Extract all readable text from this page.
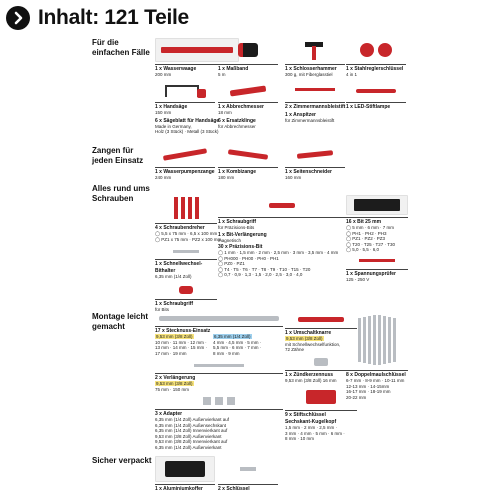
Inhalt: 121 Teile
Für die
einfachen Fälle
Zangen für
jeden Einsatz
Alles rund ums
Schrauben
Montage leicht
gemacht
Sicher verpackt
1 x Wasserwaage
200 mm
1 x Maßband
5 m
1 x Schlosserhammer
300 g, mit Fiberglasstiel
1 x Stahlreglerschlüssel
4 in 1
1 x Handsäge
150 mm
6 x Sägeblatt für Handsäge
Made in Germany,
Holz (3 Stück) · Metall (3 Stück)
1 x Abbrechmesser
18 mm
6 x Ersatzklinge
für Abbrechmesser
2 x Zimmermannsbleistift
1 x Anspitzer
für Zimmermannsbleistift
1 x LED-Stiftlampe
1 x Wasserpumpenzange
240 mm
1 x Kombizange
180 mm
1 x Seitenschneider
160 mm
4 x Schraubendreher
◯ 5,5 x 75 mm · 6,5 x 100 mm
◯ PZ1 x 75 mm · PZ2 x 100 mm
1 x Schnellwechsel-
Bithalter
6,35 mm (1/4 Zoll)
1 x Schraubgriff
für Bits
1 x Schraubgriff
für Präzisions-Bits
1 x Bit-Verlängerung
magnetisch
30 x Präzisions-Bit
◯ 1 mm · 1,5 mm · 2 mm · 2,5 mm · 3 mm · 3,5 mm · 4 mm
◯ PH000 · PH00 · PH0 · PH1
◯ PZ0 · PZ1
◯ T4 · T5 · T6 · T7 · T8 · T9 · T10 · T15 · T20
◯ 0,7 · 0,9 · 1,3 · 1,5 · 2,0 · 2,5 · 3,0 · 4,0
16 x Bit 25 mm
◯ 5 mm · 6 mm · 7 mm
◯ PH1 · PH2 · PH3
◯ PZ1 · PZ2 · PZ3
◯ T20 · T25 · T27 · T30
◯ 5,0 · 5,5 · 6,0
1 x Spannungsprüfer
125 - 250 V
17 x Stecknuss-Einsatz
9,53 mm (3/8 Zoll)
10 mm · 11 mm · 12 mm ·
13 mm · 14 mm · 15 mm ·
17 mm · 19 mm
6,35 mm (1/4 Zoll)
4 mm · 4,5 mm · 5 mm ·
5,5 mm · 6 mm · 7 mm ·
8 mm · 9 mm
2 x Verlängerung
9,53 mm (3/8 Zoll)
75 mm · 150 mm
3 x Adapter
6,35 mm (1/4 Zoll) Außenvierkant auf
6,35 mm (1/4 Zoll) Außensechskant
6,35 mm (1/4 Zoll) Innenvierkant auf
9,53 mm (3/8 Zoll) Außenvierkant
9,53 mm (3/8 Zoll) Innenvierkant auf
6,35 mm (1/4 Zoll) Außenvierkant
1 x Umschaltknarre
9,53 mm (3/8 Zoll)
mit Schnellwechselfunktion,
72 Zähne
1 x Zündkerzennuss
9,53 mm (3/8 Zoll) 16 mm
9 x Stiftschlüssel
Sechskant-Kugelkopf
1,5 mm · 2 mm · 2,5 mm ·
3 mm · 4 mm · 5 mm · 6 mm ·
8 mm · 10 mm
8 x Doppelmaulschlüssel
6-7 mm · 8-9 mm · 10-11 mm
12-13 mm · 14-15mm
16-17 mm · 18-19 mm
20-22 mm
1 x Aluminiumkoffer	2 x Schlüssel
